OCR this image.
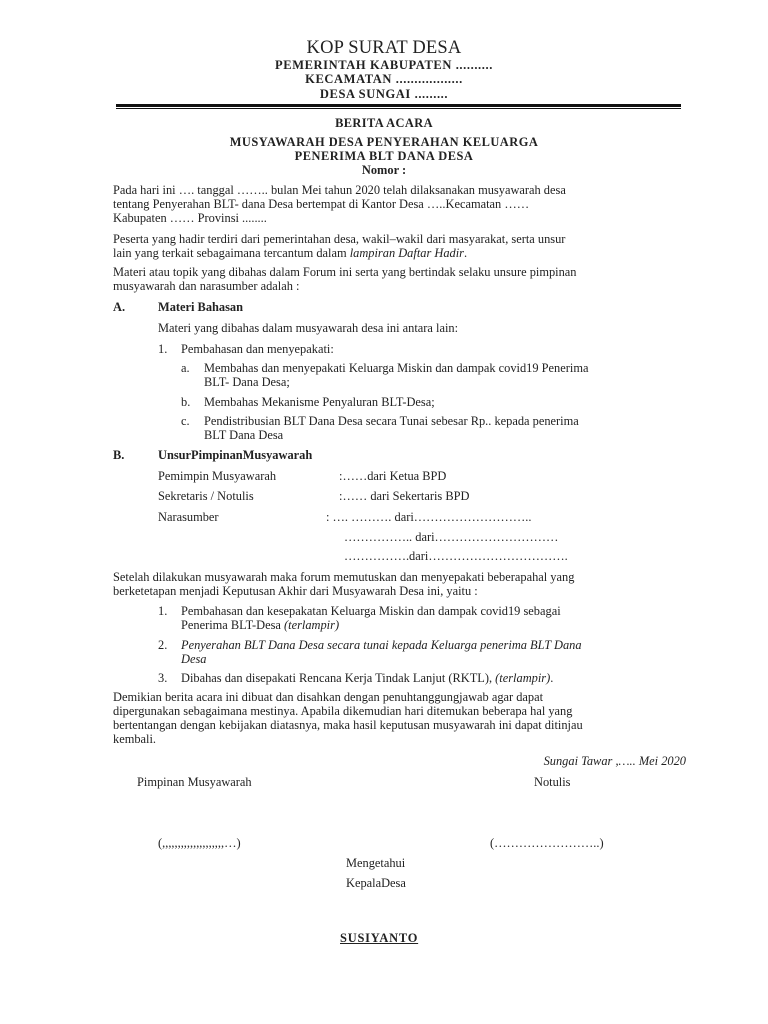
KOP SURAT DESA
PEMERINTAH KABUPATEN ..........
KECAMATAN ..................
DESA SUNGAI .........
BERITA ACARA
MUSYAWARAH DESA PENYERAHAN KELUARGA
PENERIMA BLT DANA DESA
Nomor :
Pada hari ini …. tanggal …….. bulan Mei tahun 2020 telah dilaksanakan musyawarah desa
tentang Penyerahan BLT- dana Desa bertempat di Kantor Desa …..Kecamatan ……
Kabupaten …… Provinsi ........
Peserta yang hadir terdiri dari pemerintahan desa, wakil–wakil dari masyarakat, serta unsur
lain yang terkait sebagaimana tercantum dalam lampiran Daftar Hadir.
Materi atau topik yang dibahas dalam Forum ini serta yang bertindak selaku unsure pimpinan
musyawarah dan narasumber adalah :
A.	Materi Bahasan
Materi yang dibahas dalam musyawarah desa ini antara lain:
1. Pembahasan dan menyepakati:
a. Membahas dan menyepakati Keluarga Miskin dan dampak covid19 Penerima
BLT- Dana Desa;
b. Membahas Mekanisme Penyaluran BLT-Desa;
c. Pendistribusian BLT Dana Desa secara Tunai sebesar Rp.. kepada penerima
BLT Dana Desa
B.	UnsurPimpinanMusyawarah
Pemimpin Musyawarah	:……dari Ketua BPD
Sekretaris / Notulis	:…… dari Sekertaris BPD
Narasumber	: …. ………. dari………………………..
…………….. dari…………………………
…………….dari…………………………….
Setelah dilakukan musyawarah maka forum memutuskan dan menyepakati beberapahal yang
berketetapan menjadi Keputusan Akhir dari Musyawarah Desa ini, yaitu :
1. Pembahasan dan kesepakatan Keluarga Miskin dan dampak covid19 sebagai
Penerima BLT-Desa (terlampir)
2. Penyerahan BLT Dana Desa secara tunai kepada Keluarga penerima BLT Dana
Desa
3. Dibahas dan disepakati Rencana Kerja Tindak Lanjut (RKTL), (terlampir).
Demikian berita acara ini dibuat dan disahkan dengan penuhtanggungjawab agar dapat
dipergunakan sebagaimana mestinya. Apabila dikemudian hari ditemukan beberapa hal yang
bertentangan dengan kebijakan diatasnya, maka hasil keputusan musyawarah ini dapat ditinjau
kembali.
Sungai Tawar ,….. Mei 2020
Pimpinan Musyawarah	Notulis
(,,,,,,,,,,,,,,,,,,,,…)	(……………………..)
Mengetahui
KepalaDesa
SUSIYANTO
